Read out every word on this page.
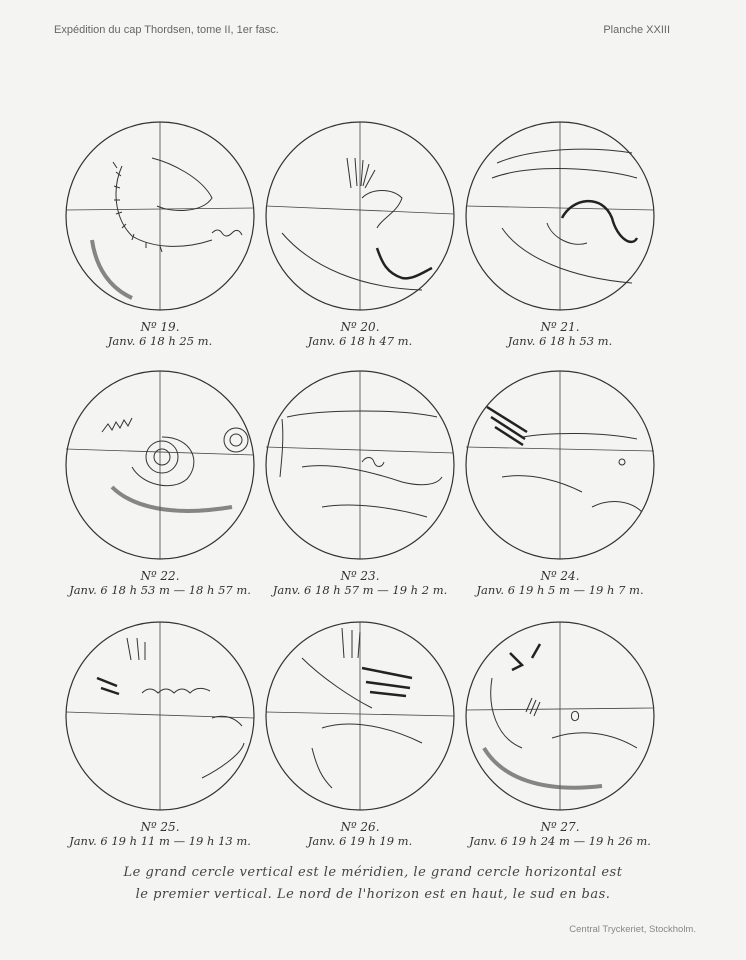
Expédition du cap Thordsen, tome II, 1er fasc.	Planche XXIII
Nº 19.
Janv. 6 18 h 25 m.
Nº 20.
Janv. 6 18 h 47 m.
Nº 21.
Janv. 6 18 h 53 m.
Nº 22.
Janv. 6 18 h 53 m — 18 h 57 m.
Nº 23.
Janv. 6 18 h 57 m — 19 h 2 m.
Nº 24.
Janv. 6 19 h 5 m — 19 h 7 m.
Nº 25.
Janv. 6 19 h 11 m — 19 h 13 m.
Nº 26.
Janv. 6 19 h 19 m.
Nº 27.
Janv. 6 19 h 24 m — 19 h 26 m.
Le grand cercle vertical est le méridien, le grand cercle horizontal est
le premier vertical. Le nord de l'horizon est en haut, le sud en bas.
Central Tryckeriet, Stockholm.
